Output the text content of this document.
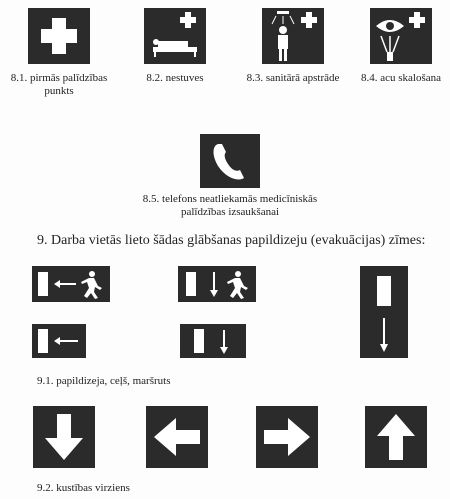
8.1. pirmās palīdzības
punkts
8.2. nestuves	8.3. sanitārā apstrāde	8.4. acu skalošana
8.5. telefons neatliekamās medicīniskās
palīdzības izsaukšanai
9. Darba vietās lieto šādas glābšanas papildizeju (evakuācijas) zīmes:
9.1. papildizeja, ceļš, maršruts
9.2. kustības virziens
